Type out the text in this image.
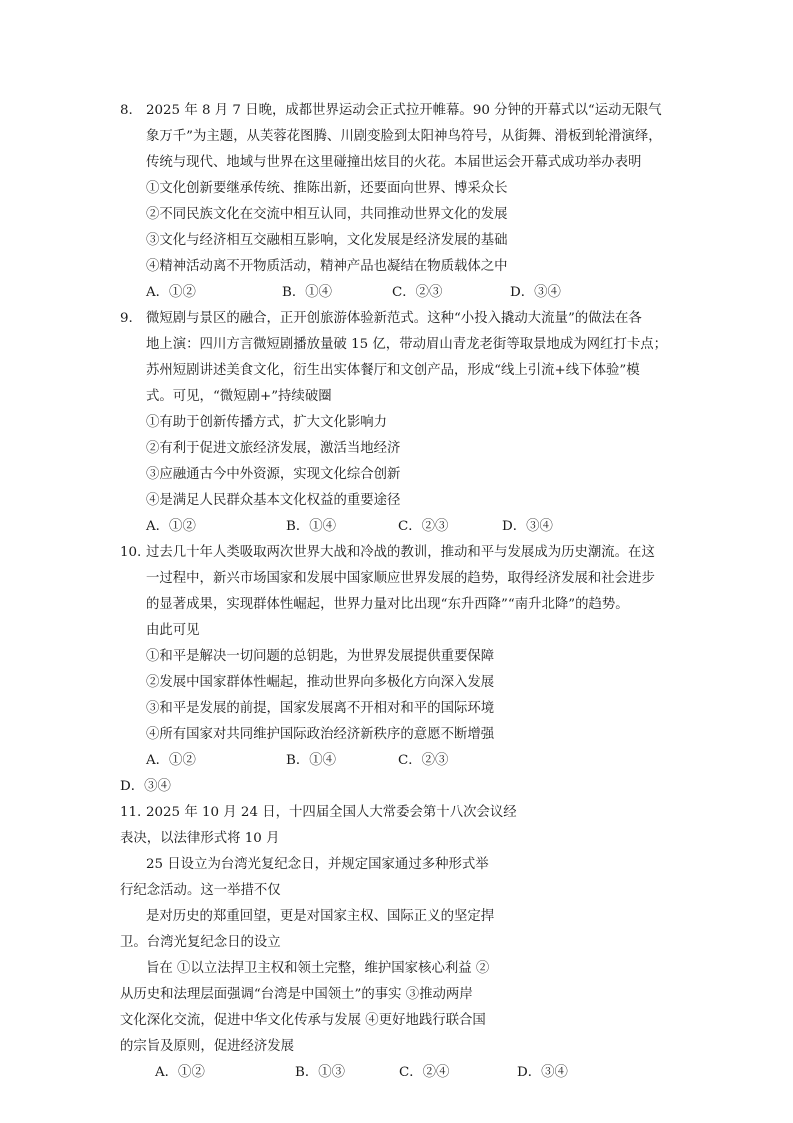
8. 2025 年 8 月 7 日晚，成都世界运动会正式拉开帷幕。90 分钟的开幕式以“运动无限气
象万千”为主题，从芙蓉花图腾、川剧变脸到太阳神鸟符号，从街舞、滑板到轮滑演绎，
传统与现代、地域与世界在这里碰撞出炫目的火花。本届世运会开幕式成功举办表明
①文化创新要继承传统、推陈出新，还要面向世界、博采众长
②不同民族文化在交流中相互认同，共同推动世界文化的发展
③文化与经济相互交融相互影响，文化发展是经济发展的基础
④精神活动离不开物质活动，精神产品也凝结在物质载体之中
A．①②	B．①④	C．②③	D．③④
9. 微短剧与景区的融合，正开创旅游体验新范式。这种“小投入撬动大流量”的做法在各
地上演：四川方言微短剧播放量破 15 亿，带动眉山青龙老街等取景地成为网红打卡点；
苏州短剧讲述美食文化，衍生出实体餐厅和文创产品，形成“线上引流+线下体验”模
式。可见，“微短剧+”持续破圈
①有助于创新传播方式，扩大文化影响力
②有利于促进文旅经济发展，激活当地经济
③应融通古今中外资源，实现文化综合创新
④是满足人民群众基本文化权益的重要途径
A．①②	B．①④	C．②③	D．③④
10. 过去几十年人类吸取两次世界大战和冷战的教训，推动和平与发展成为历史潮流。在这
一过程中，新兴市场国家和发展中国家顺应世界发展的趋势，取得经济发展和社会进步
的显著成果，实现群体性崛起，世界力量对比出现“东升西降”“南升北降”的趋势。
由此可见
①和平是解决一切问题的总钥匙，为世界发展提供重要保障
②发展中国家群体性崛起，推动世界向多极化方向深入发展
③和平是发展的前提，国家发展离不开相对和平的国际环境
④所有国家对共同维护国际政治经济新秩序的意愿不断增强
A．①②	B．①④	C．②③
D．③④
11. 2025 年 10 月 24 日，十四届全国人大常委会第十八次会议经
表决，以法律形式将 10 月
25 日设立为台湾光复纪念日，并规定国家通过多种形式举
行纪念活动。这一举措不仅
是对历史的郑重回望，更是对国家主权、国际正义的坚定捍
卫。台湾光复纪念日的设立
旨在 ①以立法捍卫主权和领土完整，维护国家核心利益 ②
从历史和法理层面强调“台湾是中国领土”的事实 ③推动两岸
文化深化交流，促进中华文化传承与发展 ④更好地践行联合国
的宗旨及原则，促进经济发展
A．①②	B．①③	C．②④	D．③④
